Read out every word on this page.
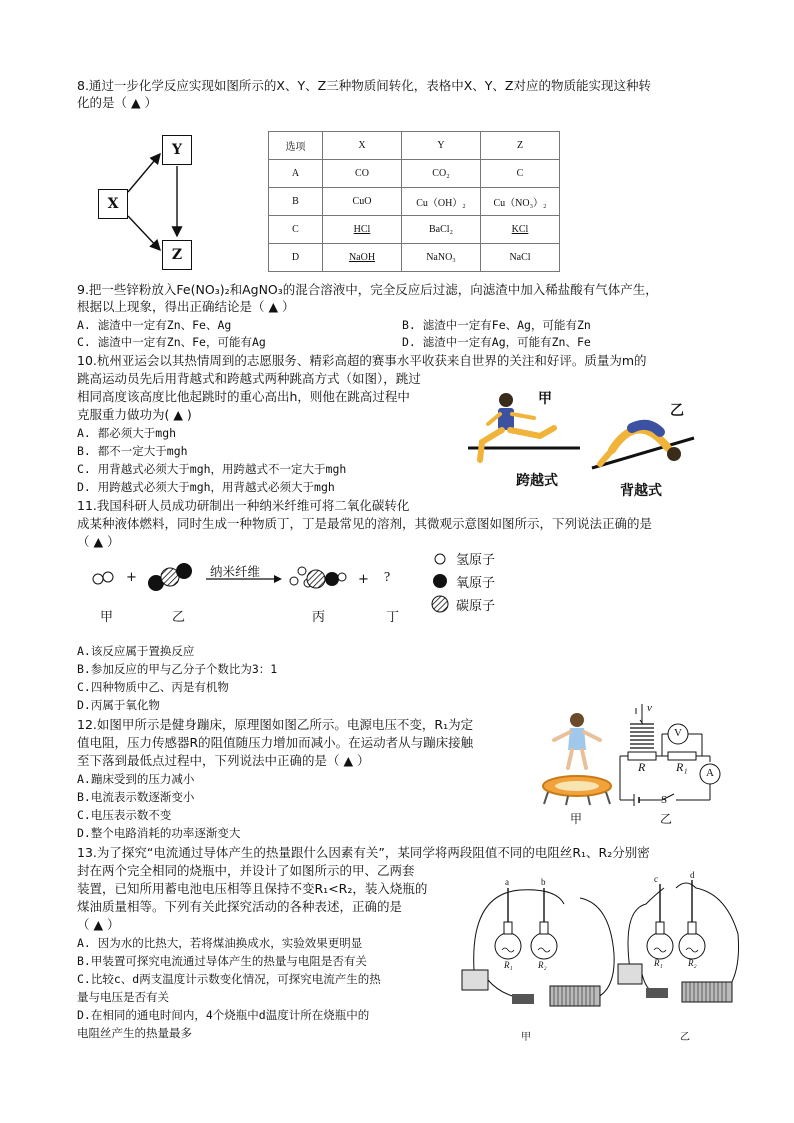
8.通过一步化学反应实现如图所示的X、Y、Z三种物质间转化，表格中X、Y、Z对应的物质能实现这种转
化的是（ ▲ ）
X
Y
Z
选项	X	Y	Z
A	CO	CO₂	C
B	CuO	Cu（OH）₂	Cu（NO₃）₂
C	HCl	BaCl₂	KCl
D	NaOH	NaNO₃	NaCl
9.把一些锌粉放入Fe(NO₃)₂和AgNO₃的混合溶液中，完全反应后过滤，向滤渣中加入稀盐酸有气体产生，
根据以上现象，得出正确结论是（ ▲ ）
A. 滤渣中一定有Zn、Fe、Ag	B. 滤渣中一定有Fe、Ag，可能有Zn
C. 滤渣中一定有Zn、Fe，可能有Ag	D. 滤渣中一定有Ag，可能有Zn、Fe
10.杭州亚运会以其热情周到的志愿服务、精彩高超的赛事水平收获来自世界的关注和好评。质量为m的
跳高运动员先后用背越式和跨越式两种跳高方式（如图），跳过
相同高度该高度比他起跳时的重心高出h，则他在跳高过程中
克服重力做功为( ▲ )
A. 都必须大于mgh
B. 都不一定大于mgh
C. 用背越式必须大于mgh，用跨越式不一定大于mgh
D. 用跨越式必须大于mgh，用背越式必须大于mgh
甲
乙
跨越式
背越式
11.我国科研人员成功研制出一种纳米纤维可将二氧化碳转化
成某种液体燃料，同时生成一种物质丁，丁是最常见的溶剂，其微观示意图如图所示，下列说法正确的是
（ ▲ ）
+	+ ?
纳米纤维
甲	乙	丙	丁
氢原子
氧原子
碳原子
A.该反应属于置换反应
B.参加反应的甲与乙分子个数比为3：1
C.四种物质中乙、丙是有机物
D.丙属于氧化物
12.如图甲所示是健身蹦床，原理图如图乙所示。电源电压不变，R₁为定
值电阻，压力传感器R的阻值随压力增加而减小。在运动者从与蹦床接触
至下落到最低点过程中，下列说法中正确的是（ ▲ ）
A.蹦床受到的压力减小
B.电流表示数逐渐变小
C.电压表示数不变
D.整个电路消耗的功率逐渐变大
v
R	R₁
V
A
S
甲	乙
13.为了探究“电流通过导体产生的热量跟什么因素有关”，某同学将两段阻值不同的电阻丝R₁、R₂分别密
封在两个完全相同的烧瓶中，并设计了如图所示的甲、乙两套
装置，已知所用蓄电池电压相等且保持不变R₁<R₂，装入烧瓶的
煤油质量相等。下列有关此探究活动的各种表述，正确的是
（ ▲ ）
A. 因为水的比热大，若将煤油换成水，实验效果更明显
B.甲装置可探究电流通过导体产生的热量与电阻是否有关
C.比较c、d两支温度计示数变化情况，可探究电流产生的热
量与电压是否有关
D.在相同的通电时间内，4个烧瓶中d温度计所在烧瓶中的
电阻丝产生的热量最多
a	b
R₁	R₂
甲
c	d
R₁	R₂
乙
